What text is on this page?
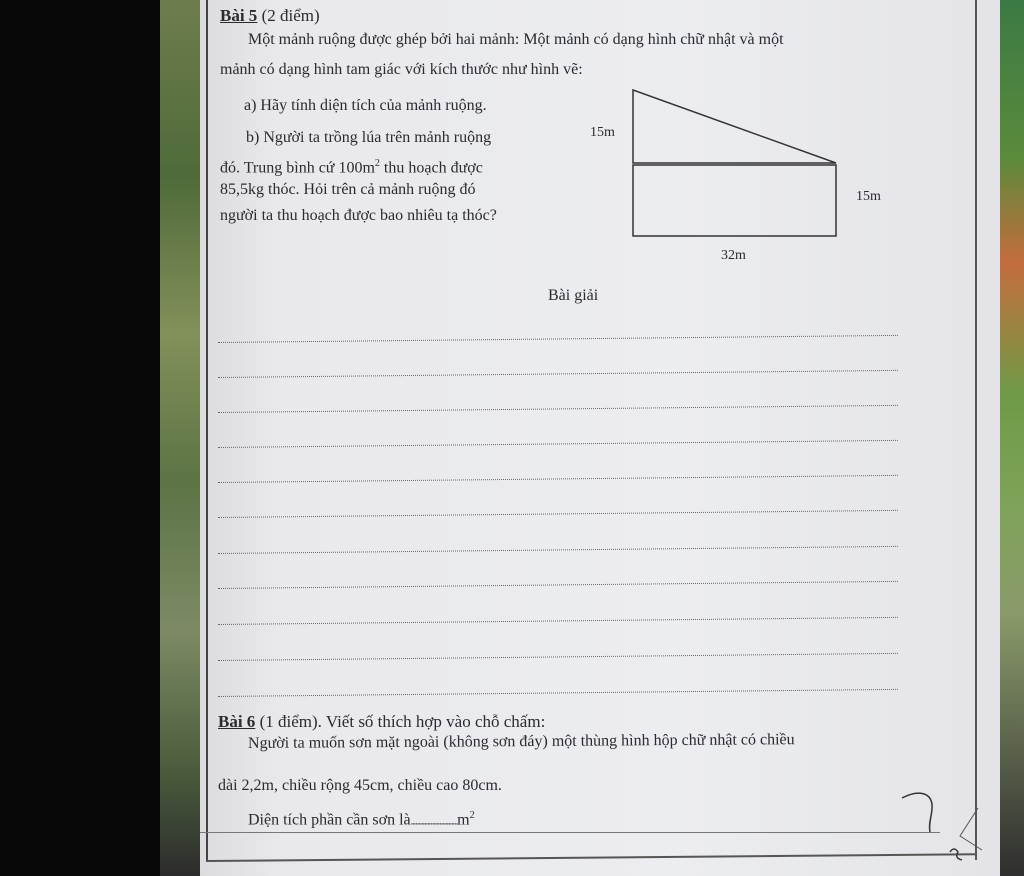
Bài 5 (2 điểm)
Một mảnh ruộng được ghép bởi hai mảnh: Một mảnh có dạng hình chữ nhật và một
mảnh có dạng hình tam giác với kích thước như hình vẽ:
a) Hãy tính diện tích của mảnh ruộng.
b) Người ta trồng lúa trên mảnh ruộng
đó. Trung bình cứ $100m^2$ thu hoạch được
85,5kg thóc. Hỏi trên cả mảnh ruộng đó
người ta thu hoạch được bao nhiêu tạ thóc?
15m
15m
32m
Bài giải
Bài 6 (1 điểm). Viết số thích hợp vào chỗ chấm:
Người ta muốn sơn mặt ngoài (không sơn đáy) một thùng hình hộp chữ nhật có chiều
dài 2,2m, chiều rộng 45cm, chiều cao 80cm.
Diện tích phần cần sơn $là...............................m^2$
